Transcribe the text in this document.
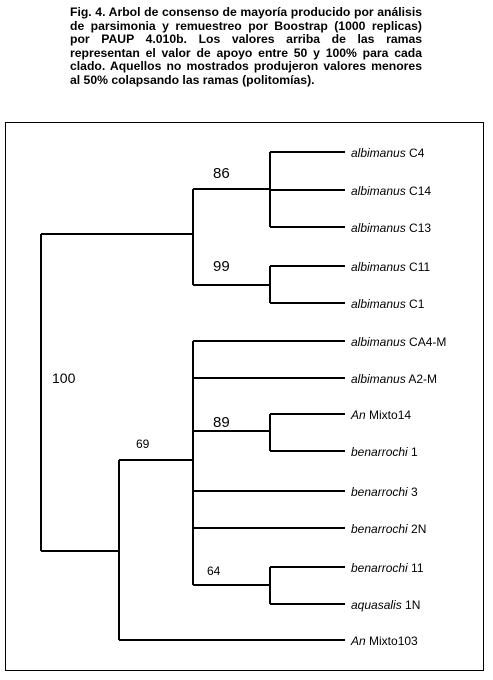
Fig. 4. Arbol de consenso de mayoría producido por análisis de parsimonia y remuestreo por Boostrap (1000 replicas) por PAUP 4.010b. Los valores arriba de las ramas representan el valor de apoyo entre 50 y 100% para cada clado. Aquellos no mostrados produjeron valores menores al 50% colapsando las ramas (politomías).

100
86
99
69
89
64
albimanus C4
albimanus C14
albimanus C13
albimanus C11
albimanus C1
albimanus CA4-M
albimanus A2-M
An Mixto14
benarrochi 1
benarrochi 3
benarrochi 2N
benarrochi 11
aquasalis 1N
An Mixto103
